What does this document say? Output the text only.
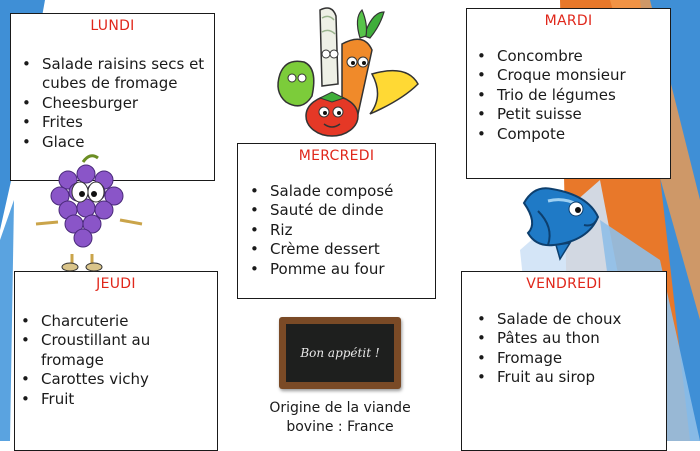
LUNDI
• Salade raisins secs et cubes de fromage
• Cheesburger
• Frites
• Glace
MARDI
• Concombre
• Croque monsieur
• Trio de légumes
• Petit suisse
• Compote
MERCREDI
• Salade composé
• Sauté de dinde
• Riz
• Crème dessert
• Pomme au four
JEUDI
• Charcuterie
• Croustillant au fromage
• Carottes vichy
• Fruit
VENDREDI
• Salade de choux
• Pâtes au thon
• Fromage
• Fruit au sirop
Bon appétit !
Origine de la viande
bovine : France
